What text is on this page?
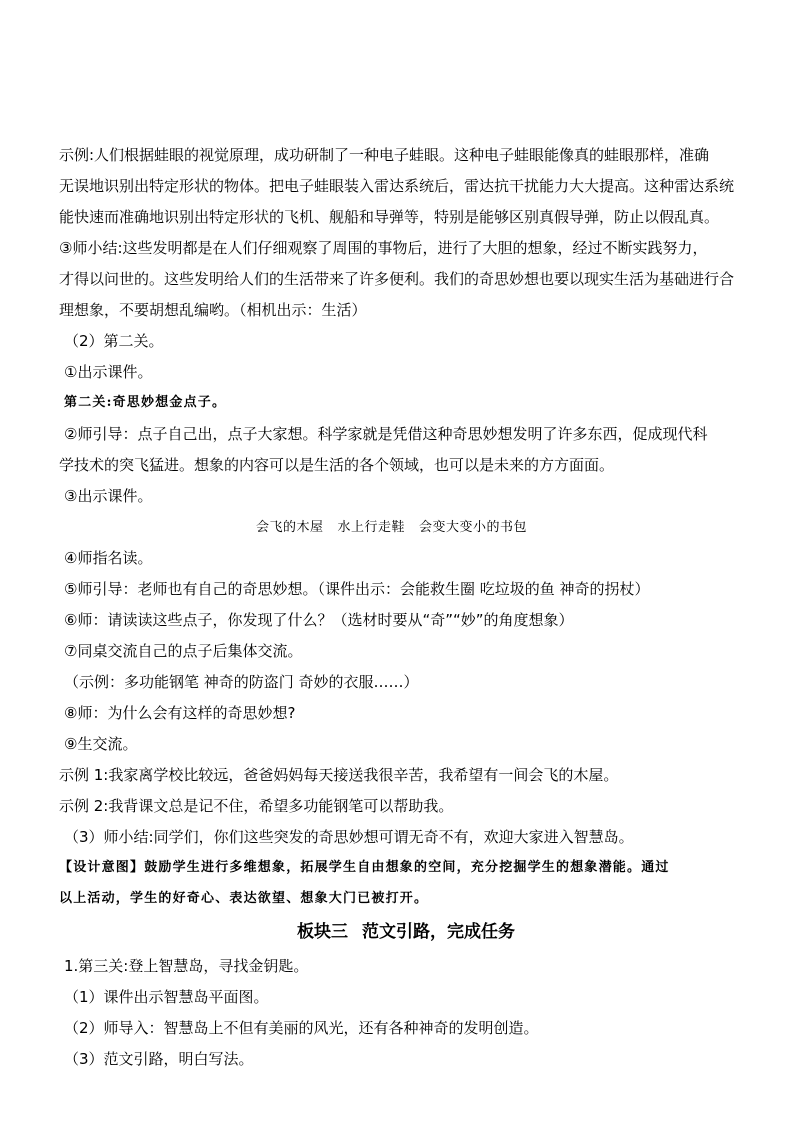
示例:人们根据蛙眼的视觉原理，成功研制了一种电子蛙眼。这种电子蛙眼能像真的蛙眼那样，准确

无误地识别出特定形状的物体。把电子蛙眼装入雷达系统后，雷达抗干扰能力大大提高。这种雷达系统

能快速而准确地识别出特定形状的飞机、舰船和导弹等，特别是能够区别真假导弹，防止以假乱真。

③师小结:这些发明都是在人们仔细观察了周围的事物后，进行了大胆的想象，经过不断实践努力，

才得以问世的。这些发明给人们的生活带来了许多便利。我们的奇思妙想也要以现实生活为基础进行合

理想象，不要胡想乱编哟。（相机出示：生活）

（2）第二关。

①出示课件。

第二关:奇思妙想金点子。

②师引导：点子自己出，点子大家想。科学家就是凭借这种奇思妙想发明了许多东西，促成现代科

学技术的突飞猛进。想象的内容可以是生活的各个领域，也可以是未来的方方面面。

③出示课件。

会飞的木屋 水上行走鞋 会变大变小的书包

④师指名读。

⑤师引导：老师也有自己的奇思妙想。（课件出示：会能救生圈 吃垃圾的鱼 神奇的拐杖）

⑥师：请读读这些点子，你发现了什么？（选材时要从“奇”“妙”的角度想象）

⑦同桌交流自己的点子后集体交流。

（示例：多功能钢笔 神奇的防盗门 奇妙的衣服……）

⑧师：为什么会有这样的奇思妙想?

⑨生交流。

示例 1:我家离学校比较远，爸爸妈妈每天接送我很辛苦，我希望有一间会飞的木屋。

示例 2:我背课文总是记不住，希望多功能钢笔可以帮助我。

（3）师小结:同学们，你们这些突发的奇思妙想可谓无奇不有，欢迎大家进入智慧岛。

【设计意图】鼓励学生进行多维想象，拓展学生自由想象的空间，充分挖掘学生的想象潜能。通过

以上活动，学生的好奇心、表达欲望、想象大门已被打开。

板块三 范文引路，完成任务

1.第三关:登上智慧岛，寻找金钥匙。

（1）课件出示智慧岛平面图。

（2）师导入：智慧岛上不但有美丽的风光，还有各种神奇的发明创造。

（3）范文引路，明白写法。
